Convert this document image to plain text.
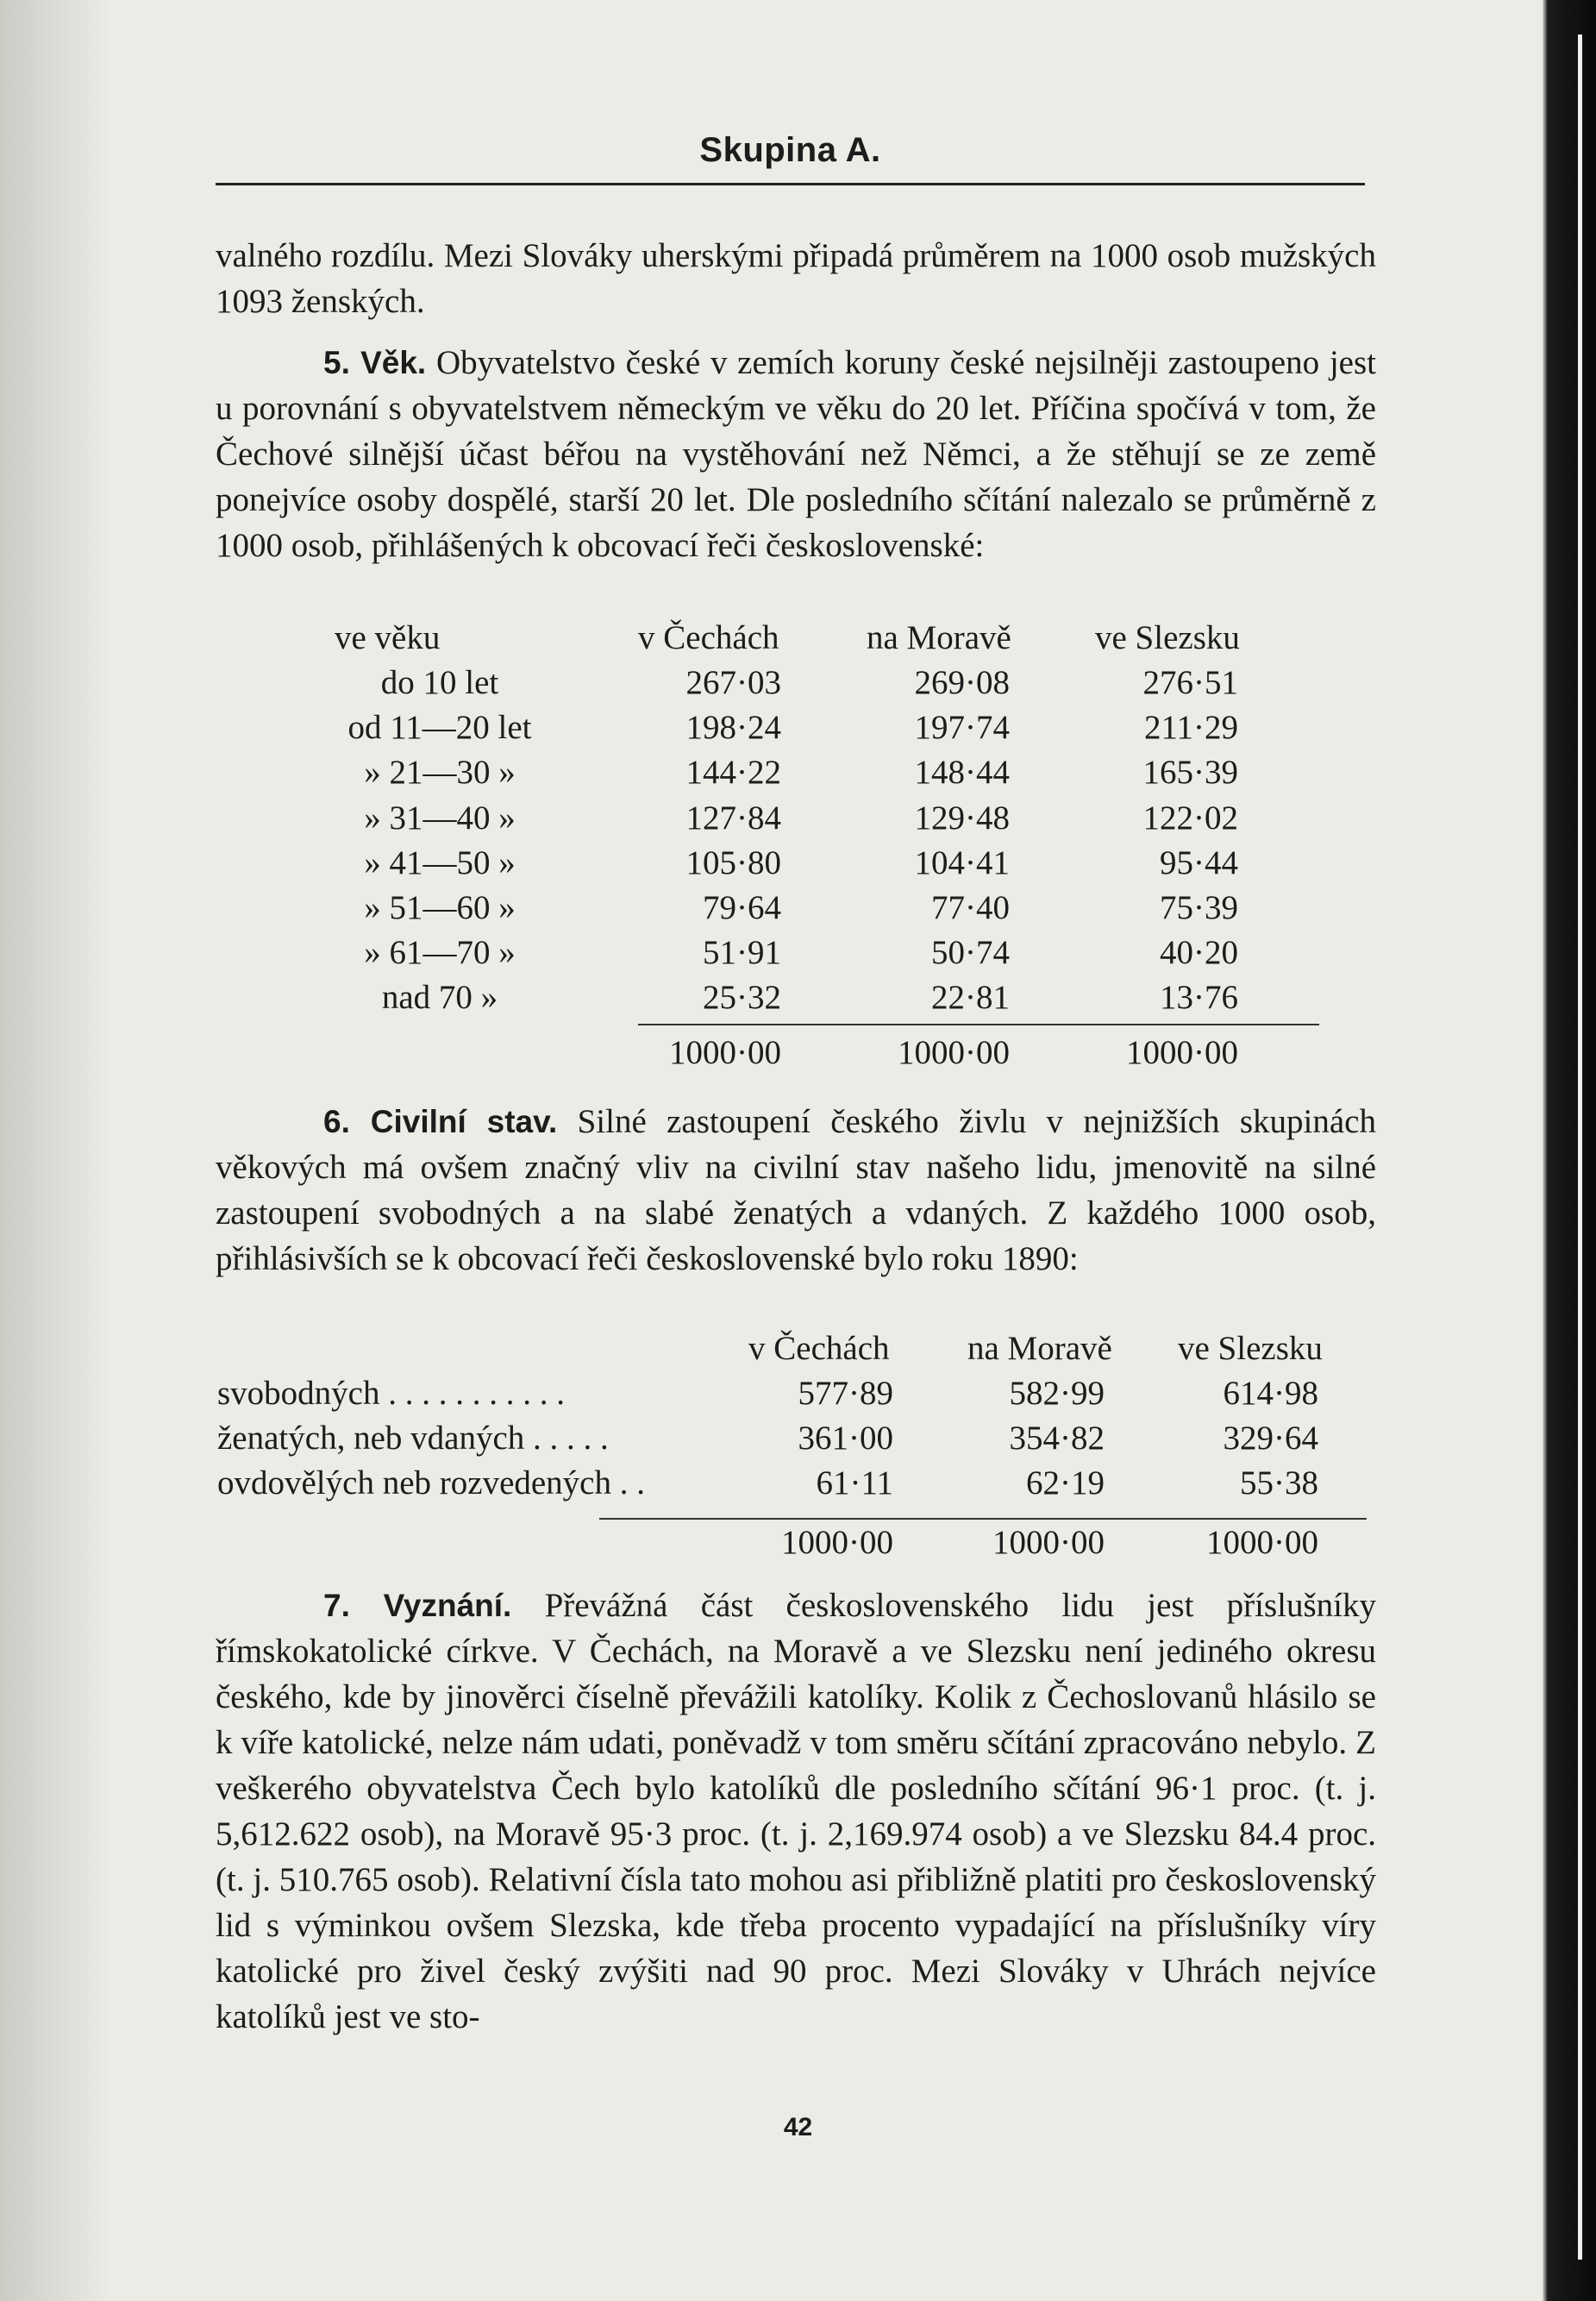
Skupina A.
valného rozdílu. Mezi Slováky uherskými připadá průměrem na 1000 osob mužských 1093 ženských.
5. Věk. Obyvatelstvo české v zemích koruny české nejsilněji zastoupeno jest u porovnání s obyvatelstvem německým ve věku do 20 let. Příčina spočívá v tom, že Čechové silnější účast béřou na vystěhování než Němci, a že stěhují se ze země ponejvíce osoby dospělé, starší 20 let. Dle posledního sčítání nalezalo se průměrně z 1000 osob, přihlášených k obcovací řeči československé:
ve věku	v Čechách	na Moravě ve Slezsku
do 10 let	267·03	269·08	276·51
od 11—20 let	198·24	197·74	211·29
» 21—30 »	144·22	148·44	165·39
» 31—40 »	127·84	129·48	122·02
» 41—50 »	105·80	104·41	95·44
» 51—60 »	79·64	77·40	75·39
» 61—70 »	51·91	50·74	40·20
nad 70 »	25·32	22·81	13·76
1000·00	1000·00	1000·00
6. Civilní stav. Silné zastoupení českého živlu v nejnižších skupinách věkových má ovšem značný vliv na civilní stav našeho lidu, jmenovitě na silné zastoupení svobodných a na slabé ženatých a vdaných. Z každého 1000 osob, přihlásivších se k obcovací řeči československé bylo roku 1890:
v Čechách na Moravě ve Slezsku
svobodných . . . . . . . . . . .	577·89	582·99	614·98
ženatých, neb vdaných . . . . .	361·00	354·82	329·64
ovdovělých neb rozvedených . .	61·11	62·19	55·38
1000·00	1000·00	1000·00
7. Vyznání. Převážná část československého lidu jest příslušníky římskokatolické církve. V Čechách, na Moravě a ve Slezsku není jediného okresu českého, kde by jinověrci číselně převážili katolíky. Kolik z Čechoslovanů hlásilo se k víře katolické, nelze nám udati, poněvadž v tom směru sčítání zpracováno nebylo. Z veškerého obyvatelstva Čech bylo katolíků dle posledního sčítání 96·1 proc. (t. j. 5,612.622 osob), na Moravě 95·3 proc. (t. j. 2,169.974 osob) a ve Slezsku 84.4 proc. (t. j. 510.765 osob). Relativní čísla tato mohou asi přibližně platiti pro československý lid s výminkou ovšem Slezska, kde třeba procento vypadající na příslušníky víry katolické pro živel český zvýšiti nad 90 proc. Mezi Slováky v Uhrách nejvíce katolíků jest ve sto-
42
